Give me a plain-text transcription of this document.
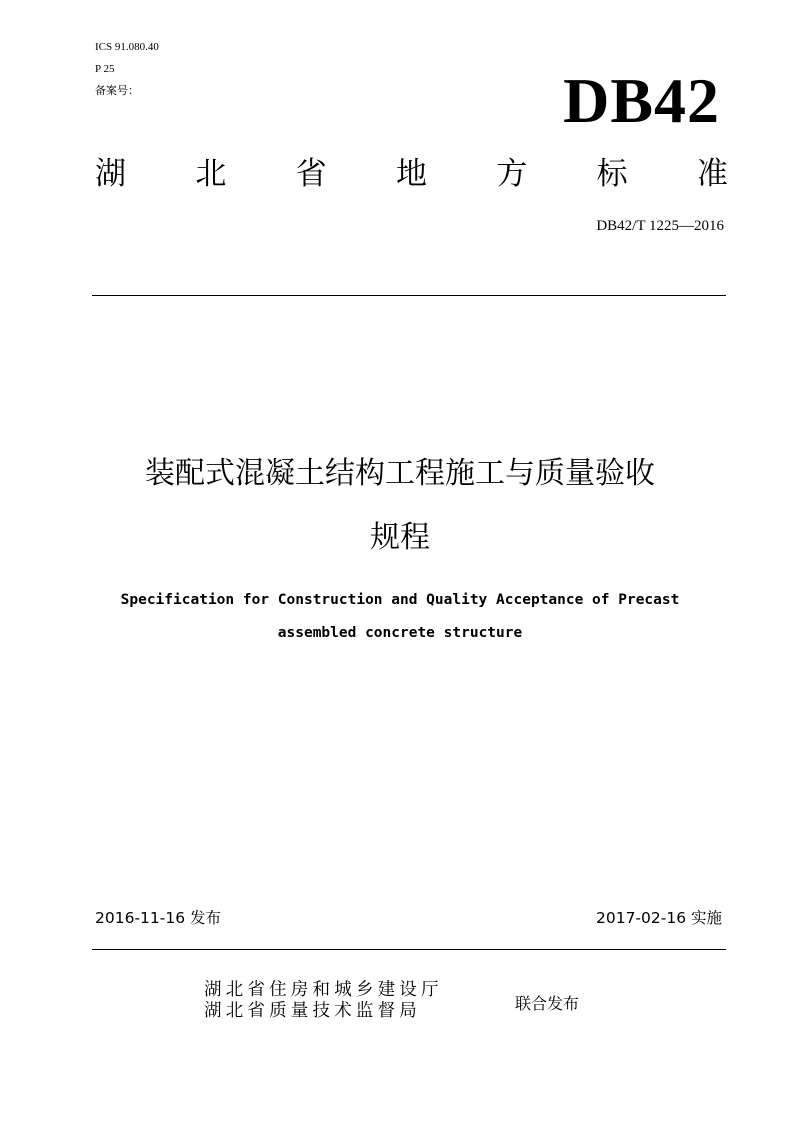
ICS 91.080.40
P 25
备案号：	DB42
湖 北 省 地 方 标 准
DB42/T 1225—2016
装配式混凝土结构工程施工与质量验收
规程
Specification for Construction and Quality Acceptance of Precast
assembled concrete structure
2016-11-16 发布	2017-02-16 实施
湖北省住房和城乡建设厅
湖北省质量技术监督局	联合发布
